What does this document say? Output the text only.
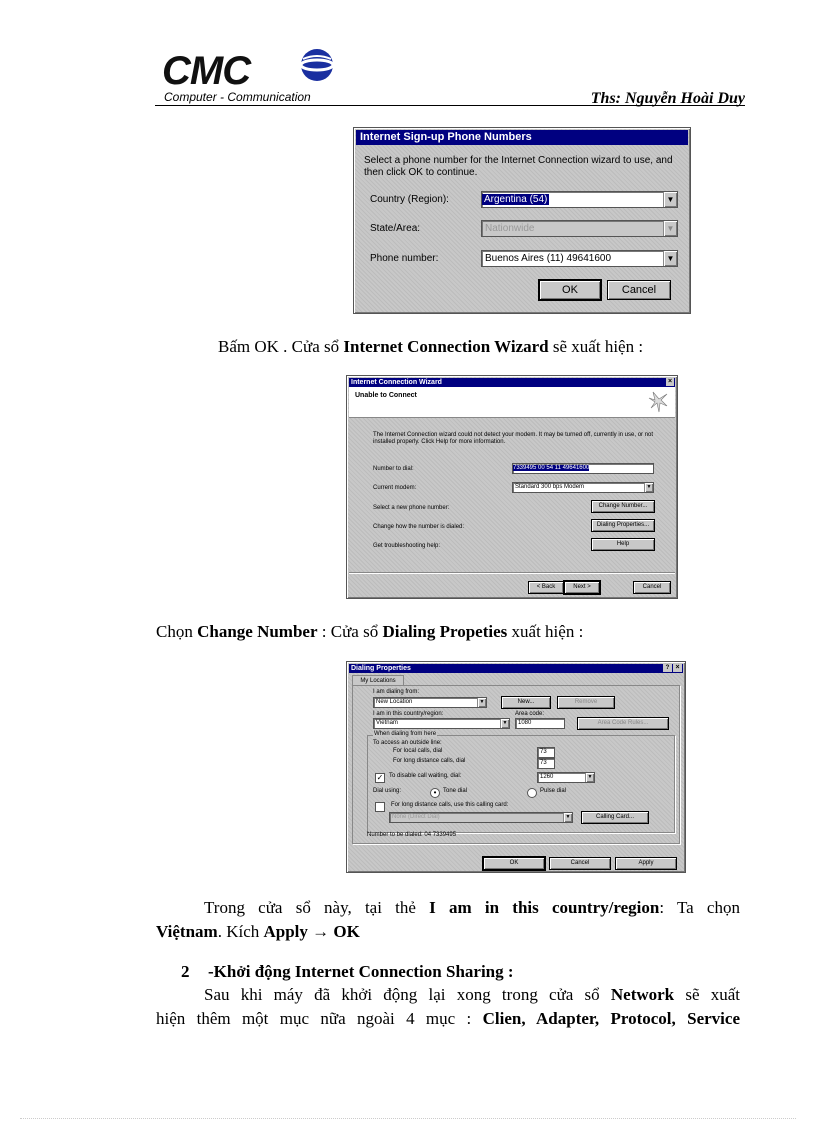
CMC
Computer - Communication	Ths: Nguyễn Hoài Duy
Internet Sign-up Phone Numbers
Select a phone number for the Internet Connection wizard to use, and then click OK to continue.
Country (Region):	Argentina (54)	▼
State/Area:	Nationwide	▼
Phone number:	Buenos Aires (11) 49641600	▼
OK	Cancel
Bấm OK . Cửa sổ Internet Connection Wizard sẽ xuất hiện :
Internet Connection Wizard	×
Unable to Connect
The Internet Connection wizard could not detect your modem. It may be turned off, currently in use, or not installed properly. Click Help for more information.
Number to dial:	7339495 00 54 11 49641600
Current modem:	Standard 300 bps Modem	▼
Select a new phone number:	Change Number...
Change how the number is dialed:	Dialing Properties...
Get troubleshooting help:	Help
< Back	Next >	Cancel
Chọn Change Number : Cửa sổ Dialing Propeties xuất hiện :
Dialing Properties	? ×
My Locations
I am dialing from:
New Location	▼	New...	Remove
I am in this country/region:	Area code:
Vietnam	▼	1080	Area Code Rules...
When dialing from here
To access an outside line:
For local calls, dial	73
For long distance calls, dial	73
✓ To disable call waiting, dial:	1260	▼
Dial using:	•	Tone dial	Pulse dial
For long distance calls, use this calling card:
None (Direct Dial)	▼	Calling Card...
Number to be dialed: 04 7339495
OK	Cancel	Apply
Trong cửa sổ này, tại thẻ I am in this country/region: Ta chọn
Việtnam. Kích Apply → OK
2 -Khởi động Internet Connection Sharing :
Sau khi máy đã khởi động lại xong trong cửa sổ Network sẽ xuất
hiện thêm một mục nữa ngoài 4 mục : Clien, Adapter, Protocol, Service
